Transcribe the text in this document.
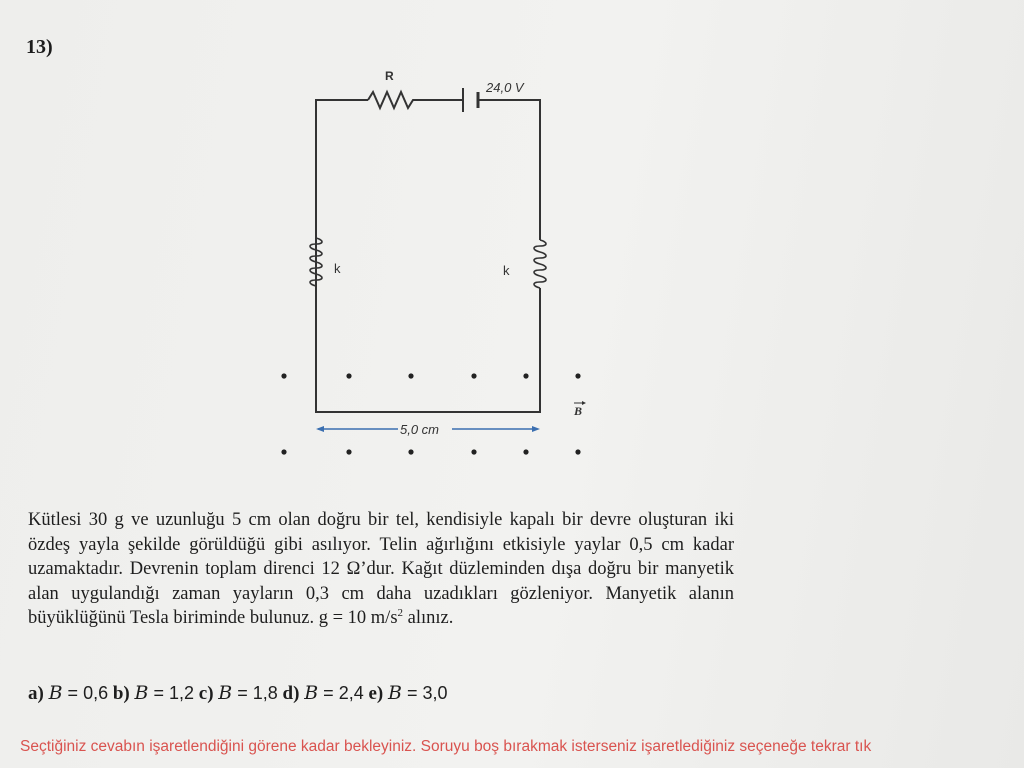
13)
R
24,0 V
k	k
5,0 cm
B
Kütlesi 30 g ve uzunluğu 5 cm olan doğru bir tel, kendisiyle kapalı bir devre oluşturan iki özdeş yayla şekilde görüldüğü gibi asılıyor. Telin ağırlığını etkisiyle yaylar 0,5 cm kadar uzamaktadır. Devrenin toplam direnci 12 Ω’dur. Kağıt düzleminden dışa doğru bir manyetik alan uygulandığı zaman yayların 0,3 cm daha uzadıkları gözleniyor. Manyetik alanın büyüklüğünü Tesla biriminde bulunuz. g = 10 $m/s^2$ alınız.
a) B = 0,6 b) B = 1,2 c) B = 1,8 d) B = 2,4 e) B = 3,0
Seçtiğiniz cevabın işaretlendiğini görene kadar bekleyiniz. Soruyu boş bırakmak isterseniz işaretlediğiniz seçeneğe tekrar tık
